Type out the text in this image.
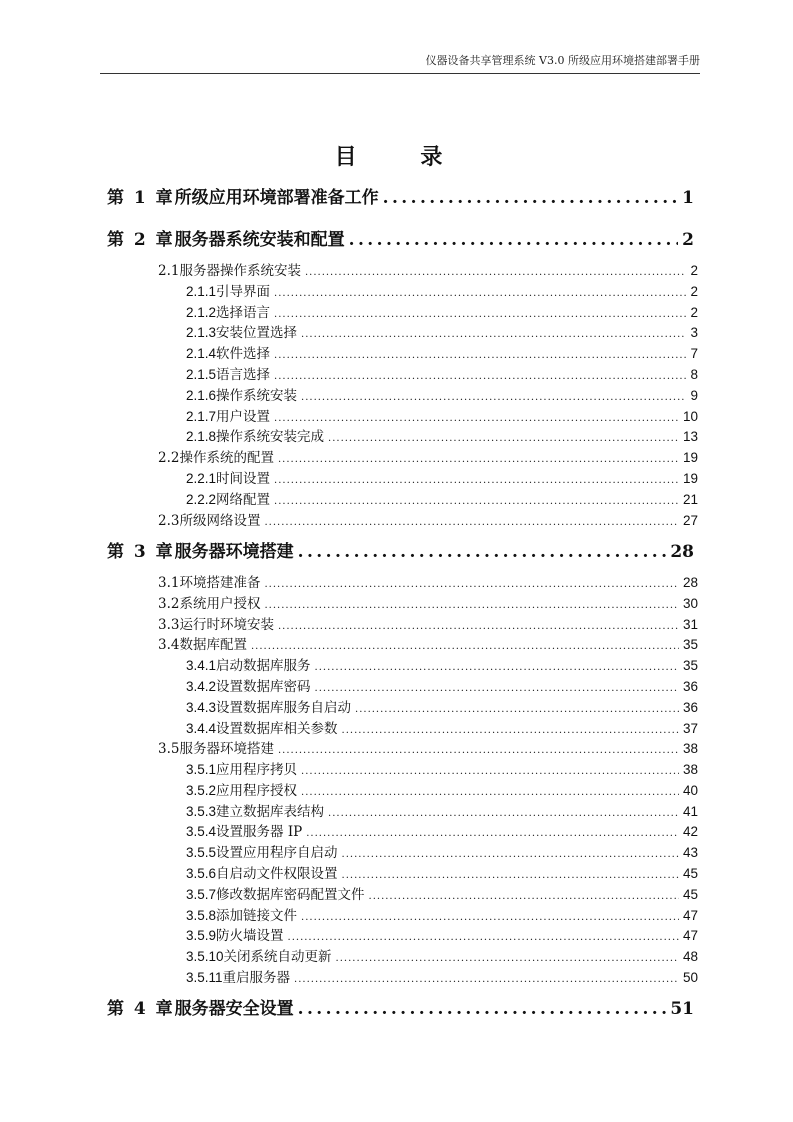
仪器设备共享管理系统 V3.0 所级应用环境搭建部署手册
目 录
第 1 章 所级应用环境部署准备工作 .....	1
第 2 章 服务器系统安装和配置 .....	2
2.1 服务器操作系统安装 .....	2
2.1.1 引导界面 .....	2
2.1.2 选择语言 .....	2
2.1.3 安装位置选择 .....	3
2.1.4 软件选择 .....	7
2.1.5 语言选择 .....	8
2.1.6 操作系统安装 .....	9
2.1.7 用户设置 .....	10
2.1.8 操作系统安装完成 .....	13
2.2 操作系统的配置 .....	19
2.2.1 时间设置 .....	19
2.2.2 网络配置 .....	21
2.3 所级网络设置 .....	27
第 3 章 服务器环境搭建 .....	28
3.1 环境搭建准备 .....	28
3.2 系统用户授权 .....	30
3.3 运行时环境安装 .....	31
3.4 数据库配置 .....	35
3.4.1 启动数据库服务 .....	35
3.4.2 设置数据库密码 .....	36
3.4.3 设置数据库服务自启动 .....	36
3.4.4 设置数据库相关参数 .....	37
3.5 服务器环境搭建 .....	38
3.5.1 应用程序拷贝 .....	38
3.5.2 应用程序授权 .....	40
3.5.3 建立数据库表结构 .....	41
3.5.4 设置服务器 IP .....	42
3.5.5 设置应用程序自启动 .....	43
3.5.6 自启动文件权限设置 .....	45
3.5.7 修改数据库密码配置文件 .....	45
3.5.8 添加链接文件 .....	47
3.5.9 防火墙设置 .....	47
3.5.10 关闭系统自动更新 .....	48
3.5.11 重启服务器 .....	50
第 4 章 服务器安全设置 .....	51
